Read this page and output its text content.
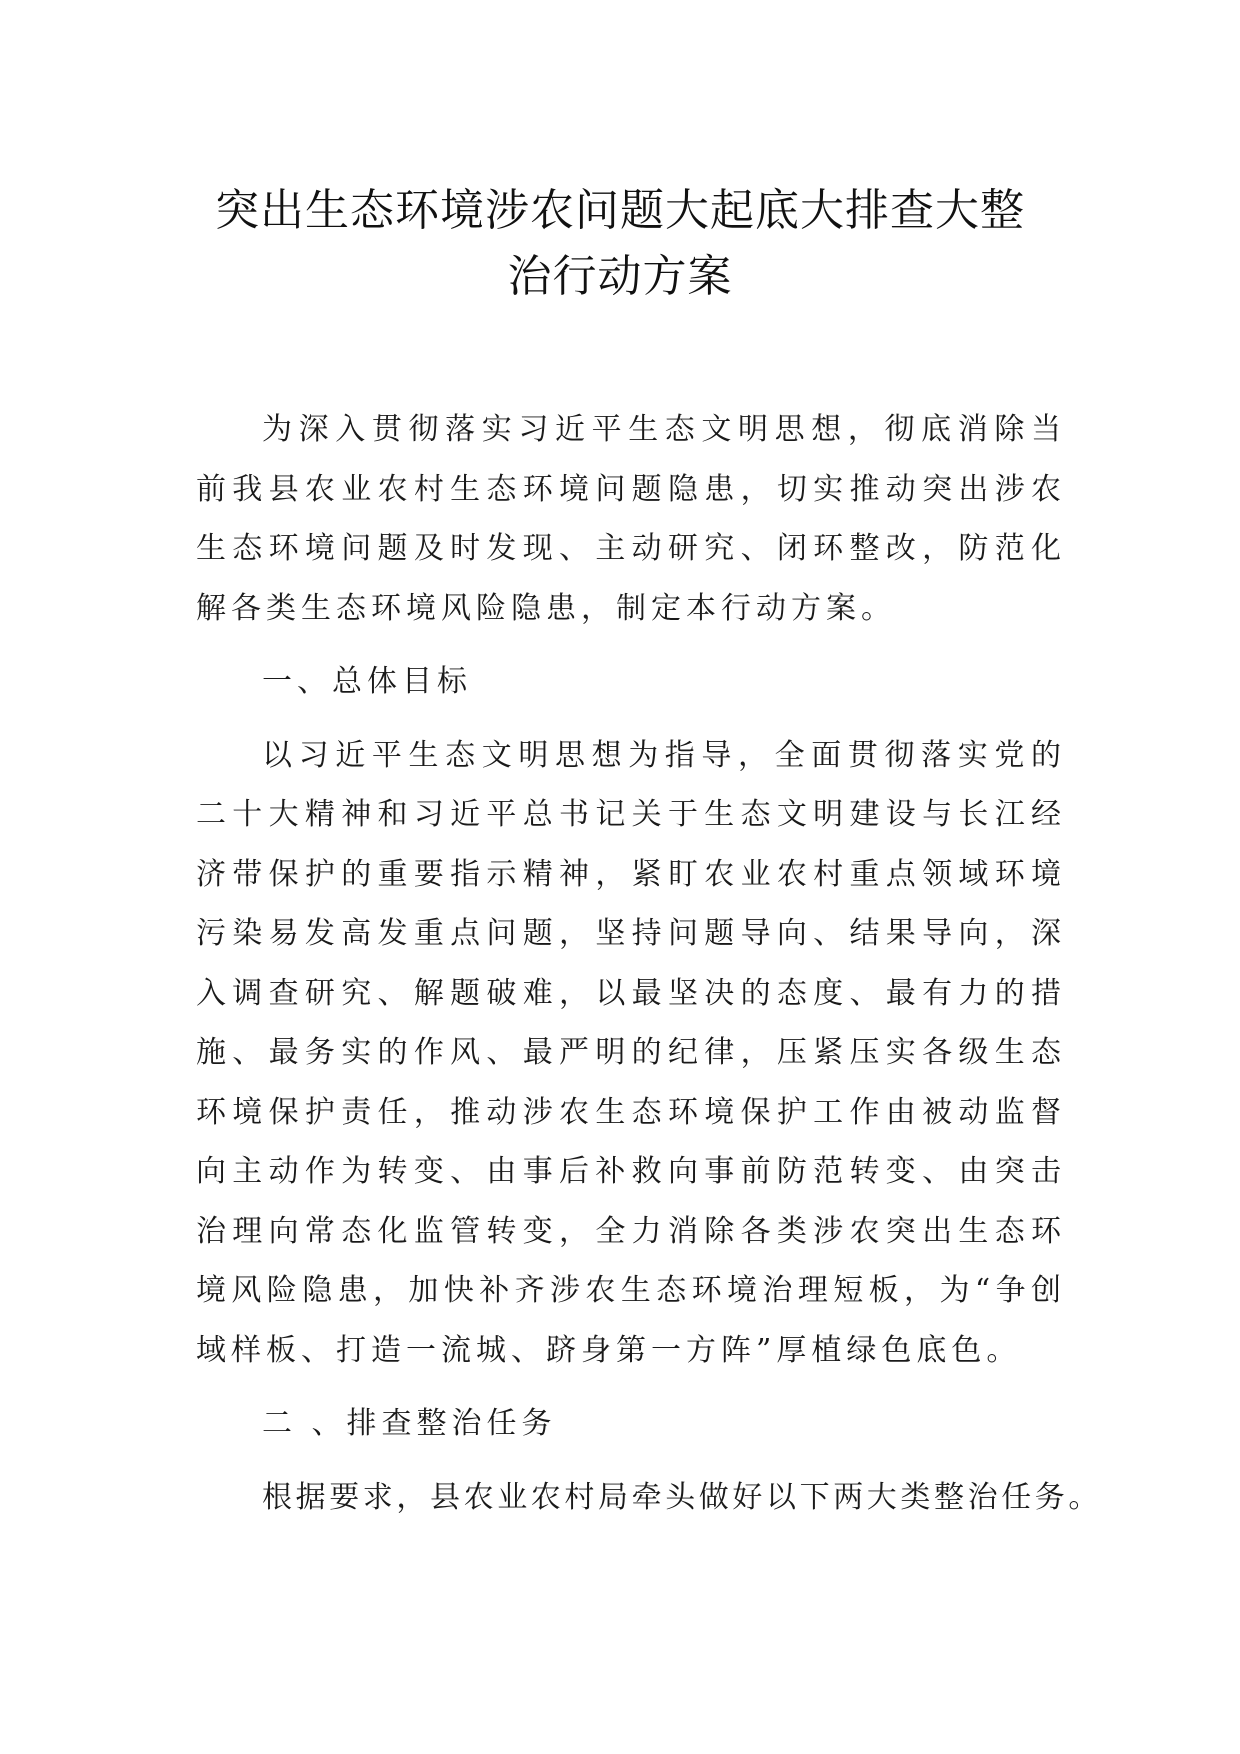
突出生态环境涉农问题大起底大排查大整
治行动方案

为深入贯彻落实习近平生态文明思想，彻底消除当前我县农业农村生态环境问题隐患，切实推动突出涉农生态环境问题及时发现、主动研究、闭环整改，防范化解各类生态环境风险隐患，制定本行动方案。

一、总体目标

以习近平生态文明思想为指导，全面贯彻落实党的二十大精神和习近平总书记关于生态文明建设与长江经济带保护的重要指示精神，紧盯农业农村重点领域环境污染易发高发重点问题，坚持问题导向、结果导向，深入调查研究、解题破难，以最坚决的态度、最有力的措施、最务实的作风、最严明的纪律，压紧压实各级生态环境保护责任，推动涉农生态环境保护工作由被动监督向主动作为转变、由事后补救向事前防范转变、由突击治理向常态化监管转变，全力消除各类涉农突出生态环境风险隐患，加快补齐涉农生态环境治理短板，为“争创域样板、打造一流城、跻身第一方阵”厚植绿色底色。

二 、排查整治任务

根据要求，县农业农村局牵头做好以下两大类整治任务。
